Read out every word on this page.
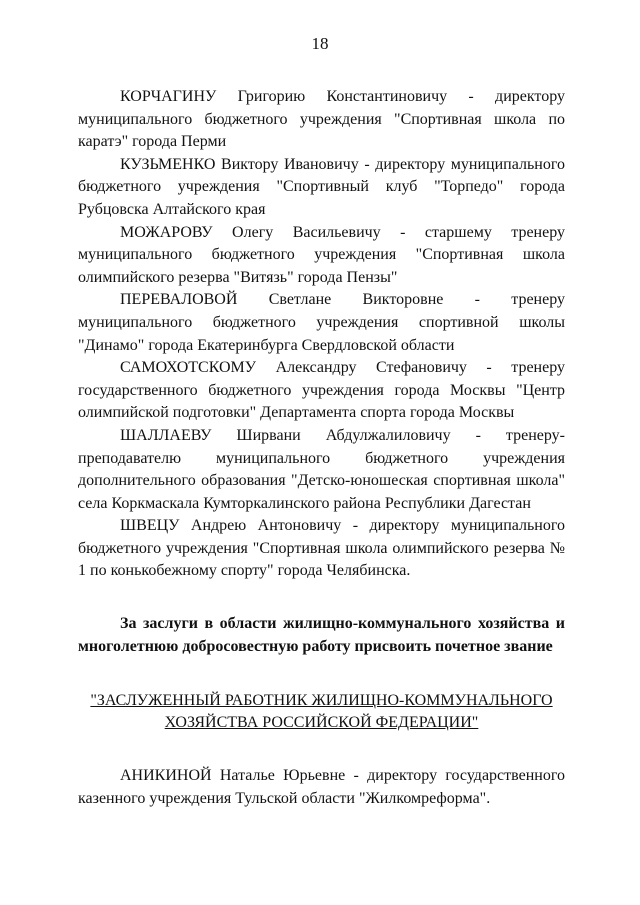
18

КОРЧАГИНУ Григорию Константиновичу - директору муниципального бюджетного учреждения "Спортивная школа по каратэ" города Перми

КУЗЬМЕНКО Виктору Ивановичу - директору муниципального бюджетного учреждения "Спортивный клуб "Торпедо" города Рубцовска Алтайского края

МОЖАРОВУ Олегу Васильевичу - старшему тренеру муниципального бюджетного учреждения "Спортивная школа олимпийского резерва "Витязь" города Пензы"

ПЕРЕВАЛОВОЙ Светлане Викторовне - тренеру муниципального бюджетного учреждения спортивной школы "Динамо" города Екатеринбурга Свердловской области

САМОХОТСКОМУ Александру Стефановичу - тренеру государственного бюджетного учреждения города Москвы "Центр олимпийской подготовки" Департамента спорта города Москвы

ШАЛЛАЕВУ Ширвани Абдулжалиловичу - тренеру-преподавателю муниципального бюджетного учреждения дополнительного образования "Детско-юношеская спортивная школа" села Коркмаскала Кумторкалинского района Республики Дагестан

ШВЕЦУ Андрею Антоновичу - директору муниципального бюджетного учреждения "Спортивная школа олимпийского резерва № 1 по конькобежному спорту" города Челябинска.

За заслуги в области жилищно-коммунального хозяйства и многолетнюю добросовестную работу присвоить почетное звание

"ЗАСЛУЖЕННЫЙ РАБОТНИК ЖИЛИЩНО-КОММУНАЛЬНОГО
ХОЗЯЙСТВА РОССИЙСКОЙ ФЕДЕРАЦИИ"

АНИКИНОЙ Наталье Юрьевне - директору государственного казенного учреждения Тульской области "Жилкомреформа".
